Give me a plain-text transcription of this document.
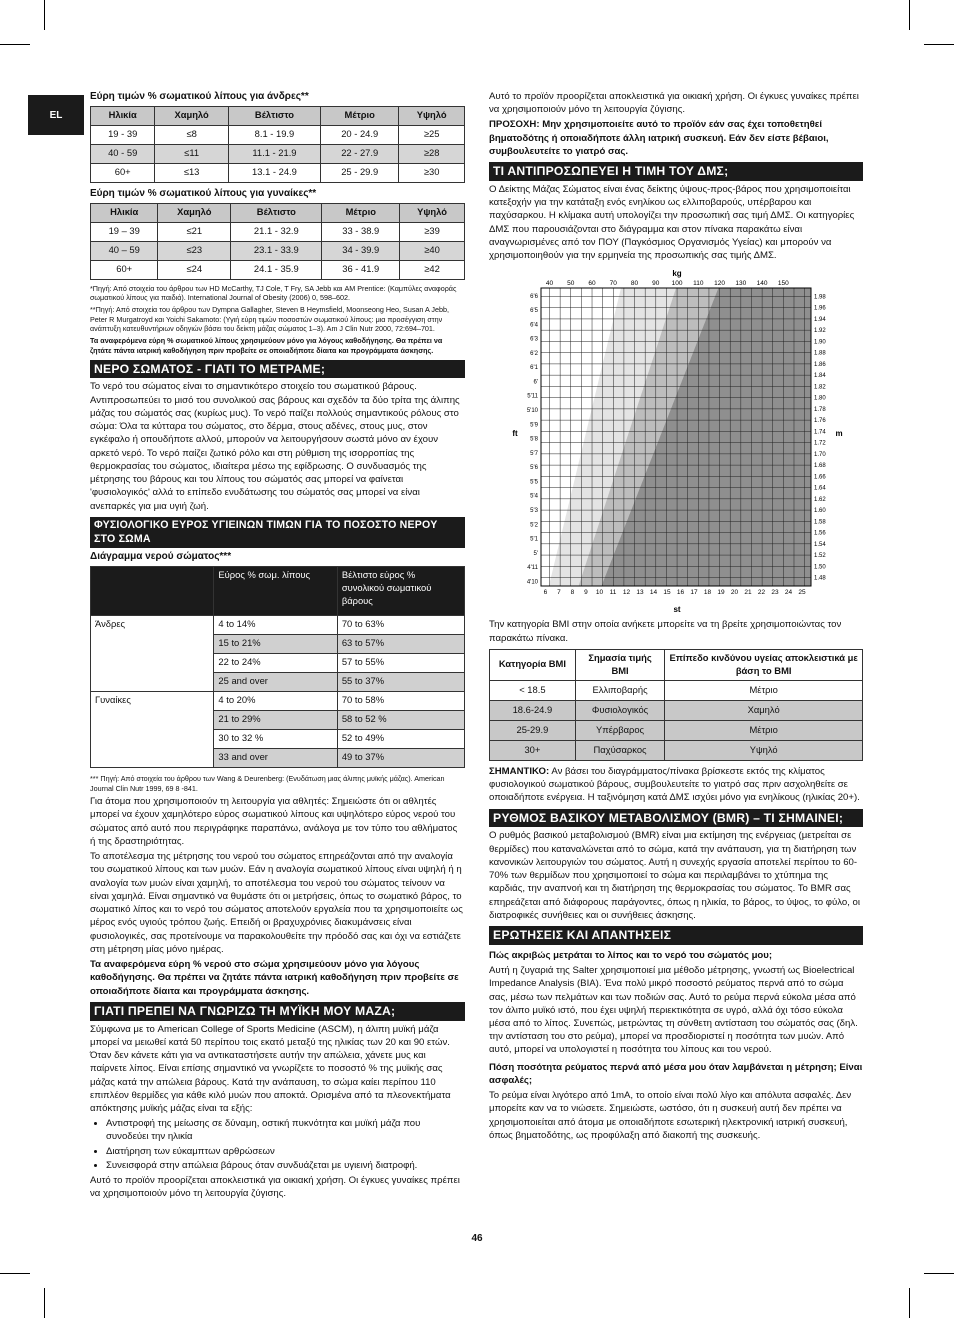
EL
Εύρη τιμών % σωματικού λίπους για άνδρες**
Ηλικία	Χαμηλό	Βέλτιστο	Μέτριο	Υψηλό
19 - 39	≤8	8.1 - 19.9	20 - 24.9	≥25
40 - 59	≤11	11.1 - 21.9	22 - 27.9	≥28
60+	≤13	13.1 - 24.9	25 - 29.9	≥30
Εύρη τιμών % σωματικού λίπους για γυναίκες**
Ηλικία	Χαμηλό	Βέλτιστο	Μέτριο	Υψηλό
19 – 39	≤21	21.1 - 32.9	33 - 38.9	≥39
40 – 59	≤23	23.1 - 33.9	34 - 39.9	≥40
60+	≤24	24.1 - 35.9	36 - 41.9	≥42

*Πηγή: Από στοιχεία του άρθρου των HD McCarthy, TJ Cole, T Fry, SA Jebb και AM Prentice: (Καμπύλες αναφοράς σωματικού λίπους για παιδιά). International Journal of Obesity (2006) 0, 598–602.

**Πηγή: Από στοιχεία του άρθρου των Dympna Gallagher, Steven B Heymsfield, Moonseong Heo, Susan A Jebb, Peter R Murgatroyd και Yoichi Sakamoto: (Υγιή εύρη τιμών ποσοστών σωματικού λίπους: μια προσέγγιση στην ανάπτυξη κατευθυντήριων οδηγιών βάσει του δείκτη μάζας σώματος 1–3). Am J Clin Nutr 2000, 72:694–701.

Τα αναφερόμενα εύρη % σωματικού λίπους χρησιμεύουν μόνο για λόγους καθοδήγησης. Θα πρέπει να ζητάτε πάντα ιατρική καθοδήγηση πριν προβείτε σε οποιαδήποτε δίαιτα και προγράμματα άσκησης.

ΝΕΡΟ ΣΩΜΑΤΟΣ - ΓΙΑΤΙ ΤΟ ΜΕΤΡΑΜΕ;

Το νερό του σώματος είναι το σημαντικότερο στοιχείο του σωματικού βάρους. Αντιπροσωπεύει το μισό του συνολικού σας βάρους και σχεδόν τα δύο τρίτα της άλιπης μάζας του σώματός σας (κυρίως μυς). Το νερό παίζει πολλούς σημαντικούς ρόλους στο σώμα: Όλα τα κύτταρα του σώματος, στο δέρμα, στους αδένες, στους μυς, στον εγκέφαλο ή οπουδήποτε αλλού, μπορούν να λειτουργήσουν σωστά μόνο αν έχουν αρκετό νερό. Το νερό παίζει ζωτικό ρόλο και στη ρύθμιση της ισορροπίας της θερμοκρασίας του σώματος, ιδιαίτερα μέσω της εφίδρωσης. Ο συνδυασμός της μέτρησης του βάρους και του λίπους του σώματός σας μπορεί να φαίνεται 'φυσιολογικός' αλλά το επίπεδο ενυδάτωσης του σώματός σας μπορεί να είναι ανεπαρκές για μια υγιή ζωή.

ΦΥΣΙΟΛΟΓΙΚΟ ΕΥΡΟΣ ΥΓΙΕΙΝΩΝ ΤΙΜΩΝ ΓΙΑ ΤΟ ΠΟΣΟΣΤΟ ΝΕΡΟΥ ΣΤΟ ΣΩΜΑ
Διάγραμμα νερού σώματος***
	Εύρος % σωμ. λίπους	Βέλτιστο εύρος % συνολικού σωματικού βάρους
Άνδρες	4 to 14%	70 to 63%
	15 to 21%	63 to 57%
	22 to 24%	57 to 55%
	25 and over	55 to 37%
Γυναίκες	4 to 20%	70 to 58%
	21 to 29%	58 to 52 %
	30 to 32 %	52 to 49%
	33 and over	49 to 37%

*** Πηγή: Από στοιχεία του άρθρου των Wang & Deurenberg: (Ενυδάτωση μιας άλιπης μυϊκής μάζας). American Journal Clin Nutr 1999, 69 8 -841.

Για άτομα που χρησιμοποιούν τη λειτουργία για αθλητές: Σημειώστε ότι οι αθλητές μπορεί να έχουν χαμηλότερο εύρος σωματικού λίπους και υψηλότερο εύρος νερού του σώματος από αυτό που περιγράφηκε παραπάνω, ανάλογα με τον τύπο του αθλήματος ή της δραστηριότητας.

Το αποτέλεσμα της μέτρησης του νερού του σώματος επηρεάζονται από την αναλογία του σωματικού λίπους και των μυών. Εάν η αναλογία σωματικού λίπους είναι υψηλή ή η αναλογία των μυών είναι χαμηλή, το αποτέλεσμα του νερού του σώματος τείνουν να είναι χαμηλά. Είναι σημαντικό να θυμάστε ότι οι μετρήσεις, όπως το σωματικό βάρος, το σωματικό λίπος και το νερό του σώματος αποτελούν εργαλεία που τα χρησιμοποιείτε ως μέρος ενός υγιούς τρόπου ζωής. Επειδή οι βραχυχρόνιες διακυμάνσεις είναι φυσιολογικές, σας προτείνουμε να παρακολουθείτε την πρόοδό σας και όχι να εστιάζετε στη μέτρηση μίας μόνο ημέρας.

Τα αναφερόμενα εύρη % νερού στο σώμα χρησιμεύουν μόνο για λόγους καθοδήγησης. Θα πρέπει να ζητάτε πάντα ιατρική καθοδήγηση πριν προβείτε σε οποιαδήποτε δίαιτα και προγράμματα άσκησης.

ΓΙΑΤΙ ΠΡΕΠΕΙ ΝΑ ΓΝΩΡΙΖΩ ΤΗ ΜΥΪΚΗ ΜΟΥ ΜΑΖΑ;

Σύμφωνα με το American College of Sports Medicine (ASCM), η άλιπη μυϊκή μάζα μπορεί να μειωθεί κατά 50 περίπου τοις εκατό μεταξύ της ηλικίας των 20 και 90 ετών. Όταν δεν κάνετε κάτι για να αντικαταστήσετε αυτήν την απώλεια, χάνετε μυς και παίρνετε λίπος. Είναι επίσης σημαντικό να γνωρίζετε το ποσοστό % της μυϊκής σας μάζας κατά την απώλεια βάρους. Κατά την ανάπαυση, το σώμα καίει περίπου 110 επιπλέον θερμίδες για κάθε κιλό μυών που αποκτά. Ορισμένα από τα πλεονεκτήματα απόκτησης μυϊκής μάζας είναι τα εξής:

• Αντιστροφή της μείωσης σε δύναμη, οστική πυκνότητα και μυϊκή μάζα που συνοδεύει την ηλικία
• Διατήρηση των εύκαμπτων αρθρώσεων
• Συνεισφορά στην απώλεια βάρους όταν συνδυάζεται με υγιεινή διατροφή.

Αυτό το προϊόν προορίζεται αποκλειστικά για οικιακή χρήση. Οι έγκυες γυναίκες πρέπει να χρησιμοποιούν μόνο τη λειτουργία ζύγισης.

Αυτό το προϊόν προορίζεται αποκλειστικά για οικιακή χρήση. Οι έγκυες γυναίκες πρέπει να χρησιμοποιούν μόνο τη λειτουργία ζύγισης.

ΠΡΟΣΟΧΗ: Μην χρησιμοποιείτε αυτό το προϊόν εάν σας έχει τοποθετηθεί βηματοδότης ή οποιαδήποτε άλλη ιατρική συσκευή. Εάν δεν είστε βέβαιοι, συμβουλευτείτε το γιατρό σας.

ΤΙ ΑΝΤΙΠΡΟΣΩΠΕΥΕΙ Η ΤΙΜΗ ΤΟΥ ΔΜΣ;

Ο Δείκτης Μάζας Σώματος είναι ένας δείκτης ύψους-προς-βάρος που χρησιμοποιείται κατεξοχήν για την κατάταξη ενός ενηλίκου ως ελλιποβαρούς, υπέρβαρου και παχύσαρκου. Η κλίμακα αυτή υπολογίζει την προσωπική σας τιμή ΔΜΣ. Οι κατηγορίες ΔΜΣ που παρουσιάζονται στο διάγραμμα και στον πίνακα παρακάτω είναι αναγνωρισμένες από τον ΠΟΥ (Παγκόσμιος Οργανισμός Υγείας) και μπορούν να χρησιμοποιηθούν για την ερμηνεία της προσωπικής σας τιμής ΔΜΣ.

40 50 60 70 80 90 100 110 120 130 140 150
6 7 8 9 10 11 12 13 14 15 16 17 18 19 20 21 22 23 24 25
1.98
1.96
1.94
1.92
1.90
1.88
1.86
1.84
1.82
1.80
1.78
1.76
1.74
1.72
1.70
1.68
1.66
1.64
1.62
1.60
1.58
1.56
1.54
1.52
1.50
1.48
6'6
6'5
6'4
6'3
6'2
6'1
6'
5'11
5'10
5'9
5'8
5'7
5'6
5'5
5'4
5'3
5'2
5'1
5'
4'11
4'10
kg
st
ft	m

Την κατηγορία BMI στην οποία ανήκετε μπορείτε να τη βρείτε χρησιμοποιώντας τον παρακάτω πίνακα.

Κατηγορία BMI	Σημασία τιμής BMI	Επίπεδο κινδύνου υγείας αποκλειστικά με βάση το BMI
< 18.5	Ελλιποβαρής	Μέτριο
18.6-24.9	Φυσιολογικός	Χαμηλό
25-29.9	Υπέρβαρος	Μέτριο
30+	Παχύσαρκος	Υψηλό

ΣΗΜΑΝΤΙΚΟ: Αν βάσει του διαγράμματος/πίνακα βρίσκεστε εκτός της κλίματος φυσιολογικού σωματικού βάρους, συμβουλευτείτε το γιατρό σας πριν ασχοληθείτε σε οποιαδήποτε ενέργεια. Η ταξινόμηση κατά ΔΜΣ ισχύει μόνο για ενηλίκους (ηλικίας 20+).

ΡΥΘΜΟΣ ΒΑΣΙΚΟΥ ΜΕΤΑΒΟΛΙΣΜΟΥ (BMR) – ΤΙ ΣΗΜΑΙΝΕΙ;

Ο ρυθμός βασικού μεταβολισμού (BMR) είναι μια εκτίμηση της ενέργειας (μετρείται σε θερμίδες) που καταναλώνεται από το σώμα, κατά την ανάπαυση, για τη διατήρηση των κανονικών λειτουργιών του σώματος. Αυτή η συνεχής εργασία αποτελεί περίπου το 60-70% των θερμίδων που χρησιμοποιεί το σώμα και περιλαμβάνει το χτύπημα της καρδιάς, την αναπνοή και τη διατήρηση της θερμοκρασίας του σώματος. Το BMR σας επηρεάζεται από διάφορους παράγοντες, όπως η ηλικία, το βάρος, το ύψος, το φύλο, οι διατροφικές συνήθειες και οι συνήθειες άσκησης.

ΕΡΩΤΗΣΕΙΣ ΚΑΙ ΑΠΑΝΤΗΣΕΙΣ

Πώς ακριβώς μετράται το λίπος και το νερό του σώματός μου;

Αυτή η ζυγαριά της Salter χρησιμοποιεί μια μέθοδο μέτρησης, γνωστή ως Bioelectrical Impedance Analysis (BIA). Ένα πολύ μικρό ποσοστό ρεύματος περνά από το σώμα σας, μέσω των πελμάτων και των ποδιών σας. Αυτό το ρεύμα περνά εύκολα μέσα από τον άλιπο μυϊκό ιστό, που έχει υψηλή περιεκτικότητα σε υγρό, αλλά όχι τόσο εύκολα μέσα από το λίπος. Συνεπώς, μετρώντας τη σύνθετη αντίσταση του σώματός σας (δηλ. την αντίσταση του στο ρεύμα), μπορεί να προσδιοριστεί η ποσότητα των μυών. Από αυτό, μπορεί να υπολογιστεί η ποσότητα του λίπους και του νερού.

Πόση ποσότητα ρεύματος περνά από μέσα μου όταν λαμβάνεται η μέτρηση; Είναι ασφαλές;

Το ρεύμα είναι λιγότερο από 1mA, το οποίο είναι πολύ λίγο και απόλυτα ασφαλές. Δεν μπορείτε καν να το νιώσετε. Σημειώστε, ωστόσο, ότι η συσκευή αυτή δεν πρέπει να χρησιμοποιείται από άτομα με οποιαδήποτε εσωτερική ηλεκτρονική ιατρική συσκευή, όπως βηματοδότης, ως προφύλαξη από διακοπή της συσκευής.

46
